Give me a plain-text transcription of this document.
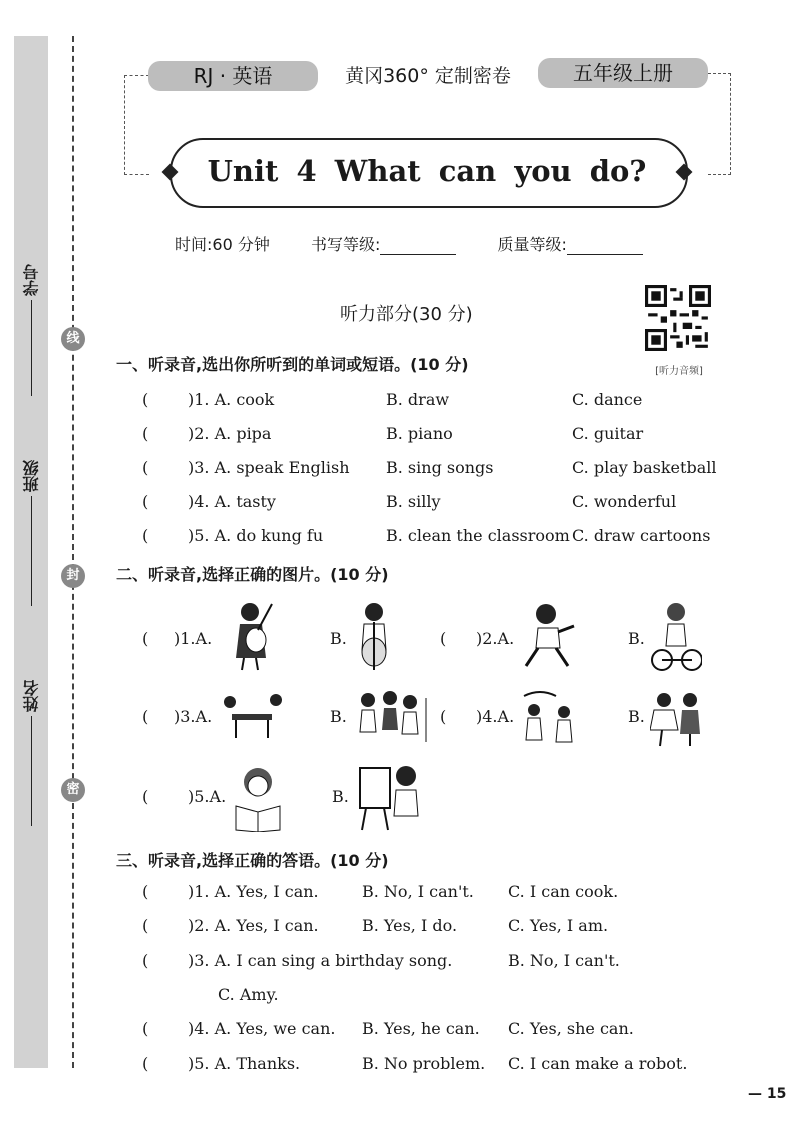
学号
班级
姓名
线
封
密
RJ · 英语	黄冈360° 定制密卷	五年级上册
Unit 4 What can you do?
时间:60 分钟	书写等级:	质量等级:
[听力音频]
听力部分(30 分)
一、听录音,选出你所听到的单词或短语。(10 分)
( )1. A. cook	B. draw	C. dance
( )2. A. pipa	B. piano	C. guitar
( )3. A. speak English B. sing songs	C. play basketball
( )4. A. tasty	B. silly	C. wonderful
( )5. A. do kung fu	B. clean the classroom C. draw cartoons
二、听录音,选择正确的图片。(10 分)
( )1.A.	B.	( )2.A.	B.
( )3.A.	B.	( )4.A.	B.
( )5.A.	B.
三、听录音,选择正确的答语。(10 分)
( )1. A. Yes, I can.	B. No, I can't. C. I can cook.
( )2. A. Yes, I can.	B. Yes, I do.	C. Yes, I am.
( )3. A. I can sing a birthday song.	B. No, I can't.
C. Amy.
( )4. A. Yes, we can. B. Yes, he can. C. Yes, she can.
( )5. A. Thanks.	B. No problem. C. I can make a robot.
— 15
